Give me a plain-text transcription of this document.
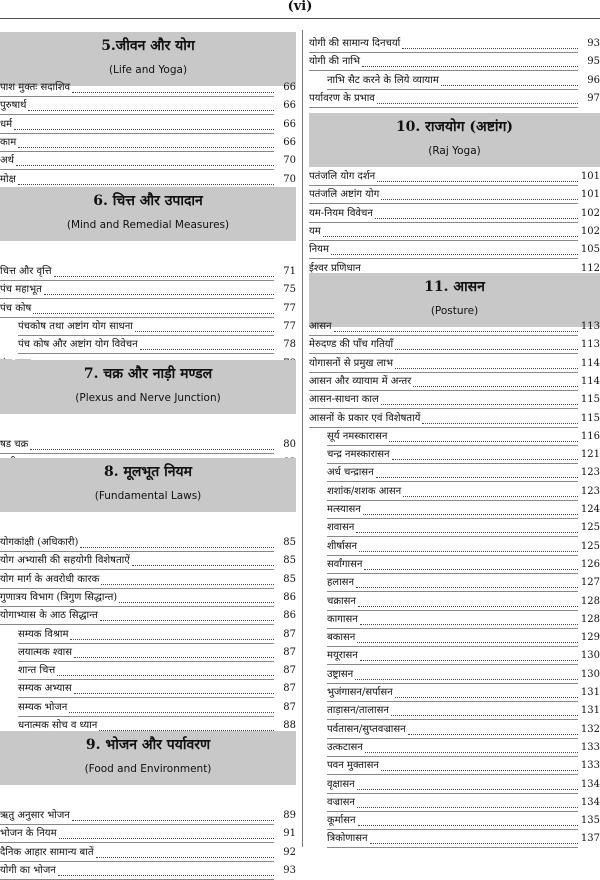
(vi)
5.जीवन और योग
(Life and Yoga)
पाश मुक्तः सदाशिव	66
पुरुषार्थ	66
धर्म	66
काम	66
अर्थ	70
मोक्ष	70
6. चित्त और उपादान
(Mind and Remedial Measures)
चित्त और वृत्ति	71
पंच महाभूत	75
पंच कोष	77
पंचकोष तथा अष्टांग योग साधना	77
पंच कोष और अष्टांग योग विवेचन	78
7. चक्र और नाड़ी मण्डल
(Plexus and Nerve Junction)
षड चक्र	80
8. मूलभूत नियम
(Fundamental Laws)
योगकांक्षी (अधिकारी)	85
योग अभ्यासी की सहयोगी विशेषताऐं	85
योग मार्ग के अवरोधी कारक	85
गुणात्रय विभाग (त्रिगुण सिद्धान्त)	86
योगाभ्यास के आठ सिद्धान्त	86
सम्यक विश्राम	87
लयात्मक श्वास	87
शान्त चित्त	87
सम्यक अभ्यास	87
सम्यक भोजन	87
धनात्मक सोच व ध्यान	88
9. भोजन और पर्यावरण
(Food and Environment)
ऋतु अनुसार भोजन	89
भोजन के नियम	91
दैनिक आहार सामान्य बातें	92
योगी का भोजन	93
योगी की सामान्य दिनचर्या	93
योगी की नाभि	95
नाभि सैट करने के लिये व्यायाम	96
पर्यावरण के प्रभाव	97
10. राजयोग (अष्टांग)
(Raj Yoga)
पतंजलि योग दर्शन	101
पतंजलि अष्टांग योग	101
यम-नियम विवेचन	102
यम	102
नियम	105
ईश्वर प्रणिधान	112
11. आसन
(Posture)
आसन	113
मेरुदण्ड की पाँच गतियाँ	113
योगासनों से प्रमुख लाभ	114
आसन और व्यायाम में अन्तर	114
आसन-साधना काल	115
आसनों के प्रकार एवं विशेषतायें	115
सूर्य नमस्कारासन	116
चन्द्र नमस्कारासन	121
अर्ध चन्द्रासन	123
शशांक/शशक आसन	123
मत्स्यासन	124
शवासन	125
शीर्षासन	125
सर्वांगासन	126
हलासन	127
चक्रासन	128
कागासन	128
बकासन	129
मयूरासन	130
उष्ट्रासन	130
भुजंगासन/सर्पासन	131
ताड़ासन/तालासन	131
पर्वतासन/सुप्तवज्रासन	132
उत्कटासन	133
पवन मुक्तासन	133
वृक्षासन	134
वज्रासन	134
कूर्मासन	135
त्रिकोणासन	137
